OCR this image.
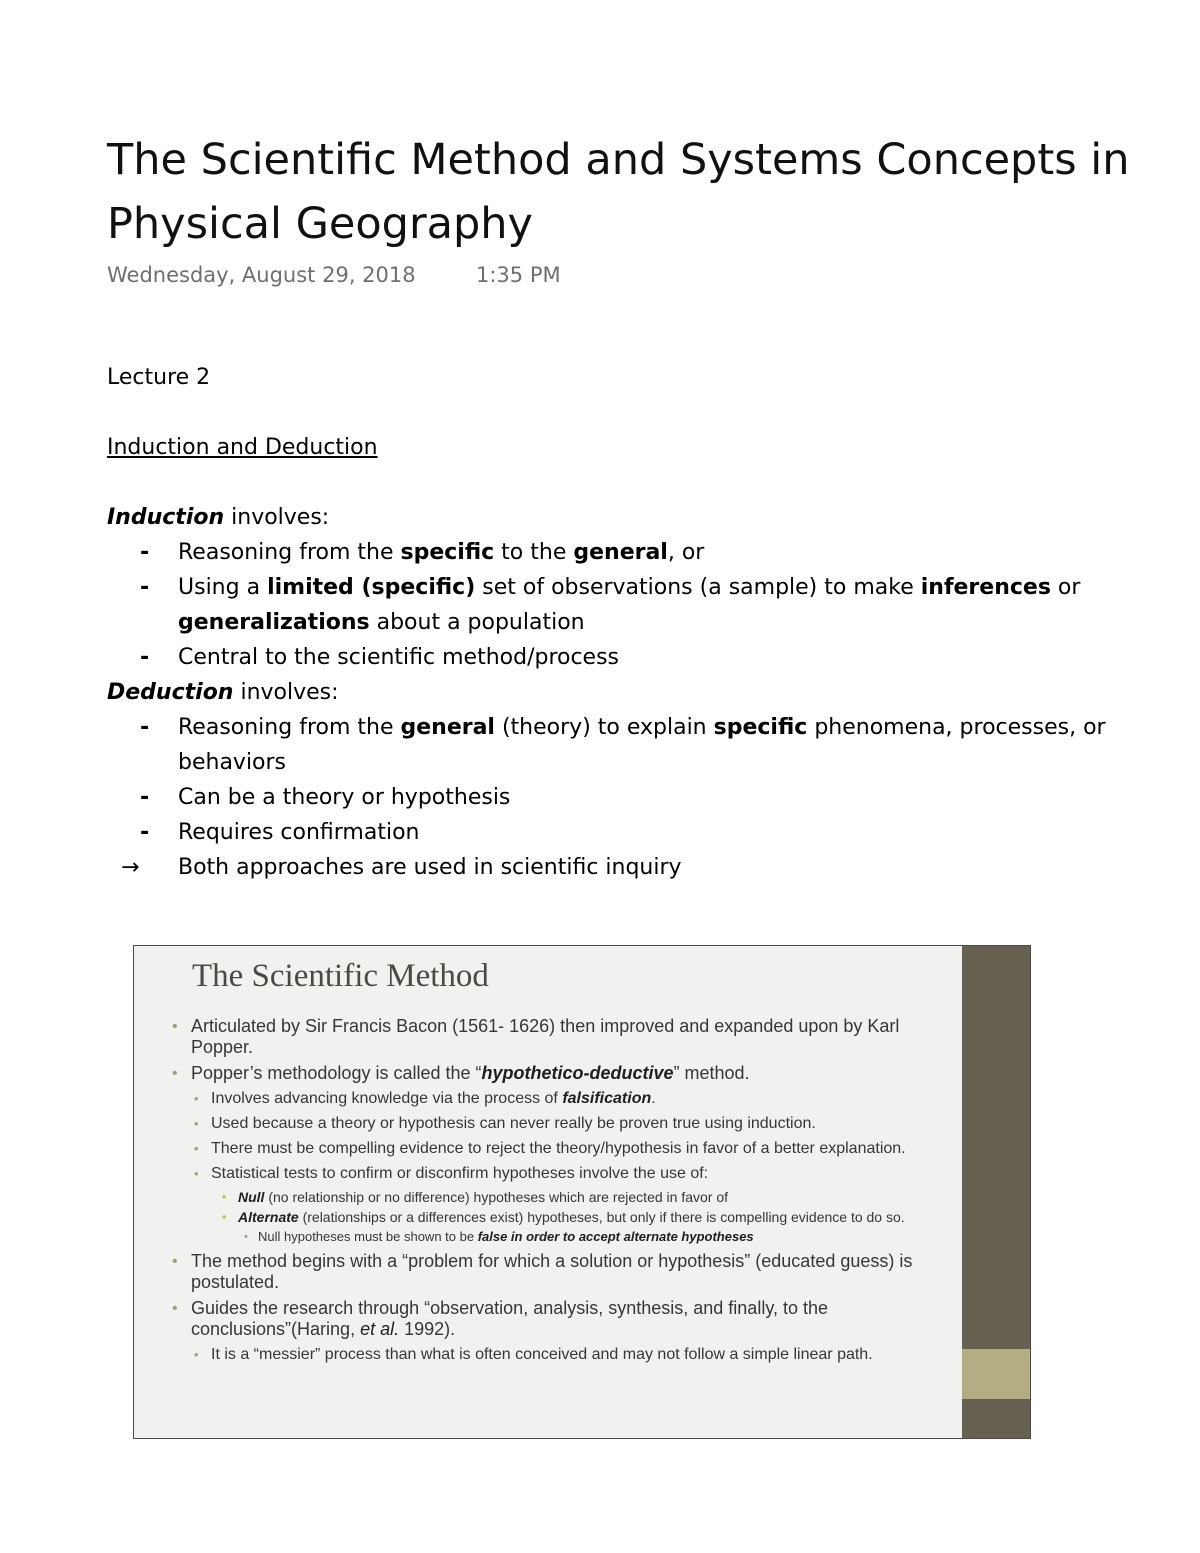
The Scientific Method and Systems Concepts in Physical Geography
Wednesday, August 29, 2018	1:35 PM

Lecture 2

Induction and Deduction

Induction involves:

-	Reasoning from the specific to the general, or
-	Using a limited (specific) set of observations (a sample) to make inferences or generalizations about a population
-	Central to the scientific method/process

Deduction involves:

-	Reasoning from the general (theory) to explain specific phenomena, processes, or behaviors
-	Can be a theory or hypothesis
-	Requires confirmation
→ Both approaches are used in scientific inquiry
The Scientific Method
• Articulated by Sir Francis Bacon (1561- 1626) then improved and expanded upon by Karl Popper.
• Popper’s methodology is called the “hypothetico-deductive” method.
• Involves advancing knowledge via the process of falsification.
• Used because a theory or hypothesis can never really be proven true using induction.
• There must be compelling evidence to reject the theory/hypothesis in favor of a better explanation.
• Statistical tests to confirm or disconfirm hypotheses involve the use of:
• Null (no relationship or no difference) hypotheses which are rejected in favor of
• Alternate (relationships or a differences exist) hypotheses, but only if there is compelling evidence to do so.
• Null hypotheses must be shown to be false in order to accept alternate hypotheses
• The method begins with a “problem for which a solution or hypothesis” (educated guess) is postulated.
• Guides the research through “observation, analysis, synthesis, and finally, to the conclusions”(Haring, et al. 1992).
• It is a “messier” process than what is often conceived and may not follow a simple linear path.
